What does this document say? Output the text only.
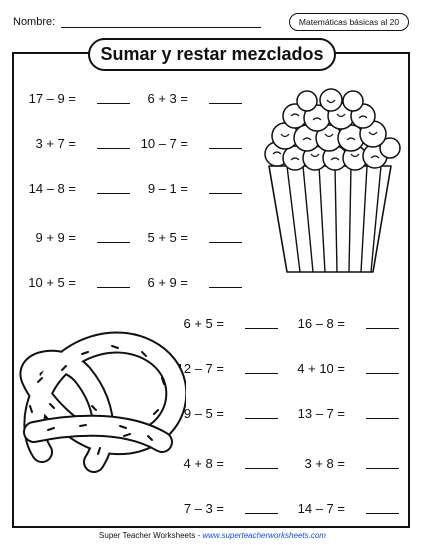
Nombre:	Matemáticas básicas al 20
Sumar y restar mezclados
17 – 9 =
3 + 7 =
14 – 8 =
9 + 9 =
10 + 5 =
6 + 3 =
10 – 7 =
9 – 1 =
5 + 5 =
6 + 9 =
6 + 5 =
12 – 7 =
9 – 5 =
4 + 8 =
7 – 3 =
16 – 8 =
4 + 10 =
13 – 7 =
3 + 8 =
14 – 7 =
Super Teacher Worksheets - www.superteacherworksheets.com
